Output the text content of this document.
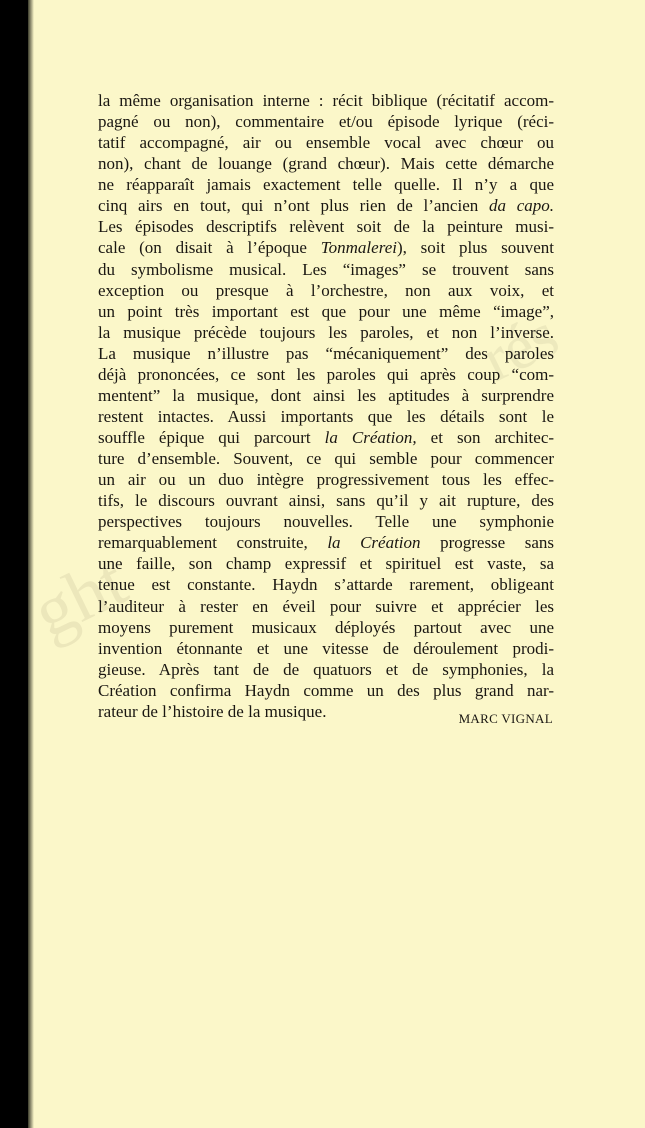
ght
rés
la même organisation interne : récit biblique (récitatif accom-
pagné ou non), commentaire et/ou épisode lyrique (réci-
tatif accompagné, air ou ensemble vocal avec chœur ou
non), chant de louange (grand chœur). Mais cette démarche
ne réapparaît jamais exactement telle quelle. Il n’y a que
cinq airs en tout, qui n’ont plus rien de l’ancien da capo.
Les épisodes descriptifs relèvent soit de la peinture musi-
cale (on disait à l’époque Tonmalerei), soit plus souvent
du symbolisme musical. Les “images” se trouvent sans
exception ou presque à l’orchestre, non aux voix, et
un point très important est que pour une même “image”,
la musique précède toujours les paroles, et non l’inverse.
La musique n’illustre pas “mécaniquement” des paroles
déjà prononcées, ce sont les paroles qui après coup “com-
mentent” la musique, dont ainsi les aptitudes à surprendre
restent intactes. Aussi importants que les détails sont le
souffle épique qui parcourt la Création, et son architec-
ture d’ensemble. Souvent, ce qui semble pour commencer
un air ou un duo intègre progressivement tous les effec-
tifs, le discours ouvrant ainsi, sans qu’il y ait rupture, des
perspectives toujours nouvelles. Telle une symphonie
remarquablement construite, la Création progresse sans
une faille, son champ expressif et spirituel est vaste, sa
tenue est constante. Haydn s’attarde rarement, obligeant
l’auditeur à rester en éveil pour suivre et apprécier les
moyens purement musicaux déployés partout avec une
invention étonnante et une vitesse de déroulement prodi-
gieuse. Après tant de de quatuors et de symphonies, la
Création confirma Haydn comme un des plus grand nar-
rateur de l’histoire de la musique.	MARC VIGNAL
